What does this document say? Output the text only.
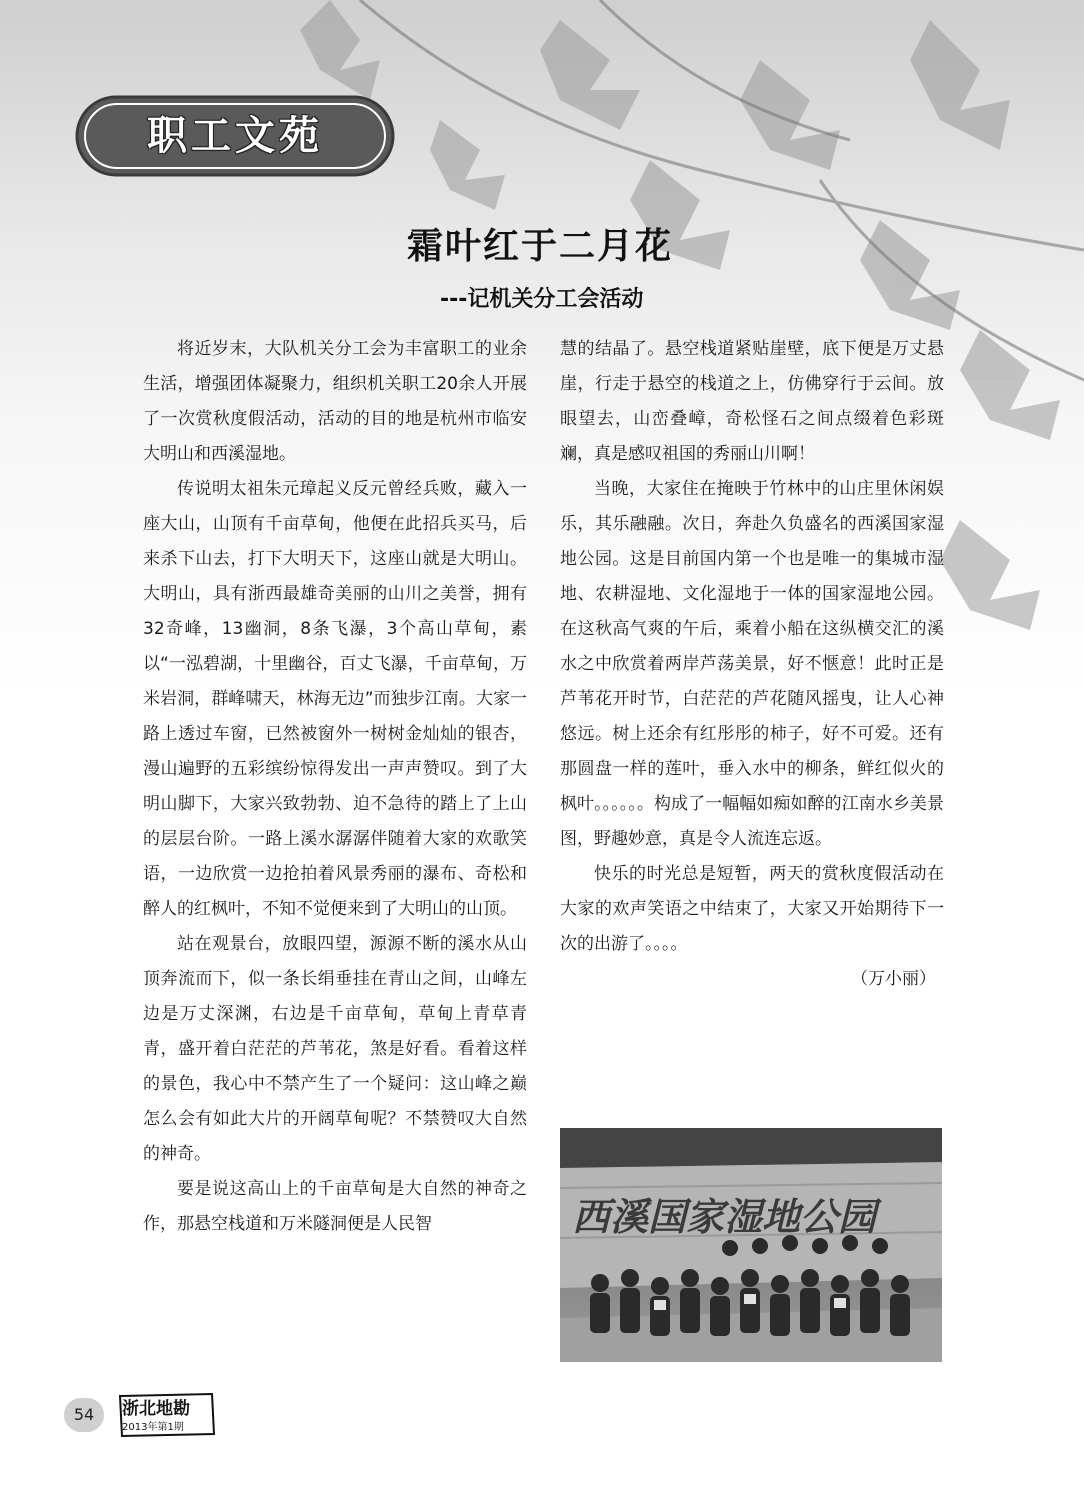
职工文苑
霜叶红于二月花
---记机关分工会活动

将近岁末，大队机关分工会为丰富职工的业余生活，增强团体凝聚力，组织机关职工20余人开展了一次赏秋度假活动，活动的目的地是杭州市临安大明山和西溪湿地。

传说明太祖朱元璋起义反元曾经兵败，藏入一座大山，山顶有千亩草甸，他便在此招兵买马，后来杀下山去，打下大明天下，这座山就是大明山。大明山，具有浙西最雄奇美丽的山川之美誉，拥有32奇峰，13幽洞，8条飞瀑，3个高山草甸，素以“一泓碧湖，十里幽谷，百丈飞瀑，千亩草甸，万米岩洞，群峰啸天，林海无边”而独步江南。大家一路上透过车窗，已然被窗外一树树金灿灿的银杏，漫山遍野的五彩缤纷惊得发出一声声赞叹。到了大明山脚下，大家兴致勃勃、迫不急待的踏上了上山的层层台阶。一路上溪水潺潺伴随着大家的欢歌笑语，一边欣赏一边抢拍着风景秀丽的瀑布、奇松和醉人的红枫叶，不知不觉便来到了大明山的山顶。

站在观景台，放眼四望，源源不断的溪水从山顶奔流而下，似一条长绢垂挂在青山之间，山峰左边是万丈深渊，右边是千亩草甸，草甸上青草青青，盛开着白茫茫的芦苇花，煞是好看。看着这样的景色，我心中不禁产生了一个疑问：这山峰之巅怎么会有如此大片的开阔草甸呢？不禁赞叹大自然的神奇。

要是说这高山上的千亩草甸是大自然的神奇之作，那悬空栈道和万米隧洞便是人民智

慧的结晶了。悬空栈道紧贴崖壁，底下便是万丈悬崖，行走于悬空的栈道之上，仿佛穿行于云间。放眼望去，山峦叠嶂，奇松怪石之间点缀着色彩斑斓，真是感叹祖国的秀丽山川啊！

当晚，大家住在掩映于竹林中的山庄里休闲娱乐，其乐融融。次日，奔赴久负盛名的西溪国家湿地公园。这是目前国内第一个也是唯一的集城市湿地、农耕湿地、文化湿地于一体的国家湿地公园。在这秋高气爽的午后，乘着小船在这纵横交汇的溪水之中欣赏着两岸芦荡美景，好不惬意！此时正是芦苇花开时节，白茫茫的芦花随风摇曳，让人心神悠远。树上还余有红彤彤的柿子，好不可爱。还有那圆盘一样的莲叶，垂入水中的柳条，鲜红似火的枫叶。。。。。。构成了一幅幅如痴如醉的江南水乡美景图，野趣妙意，真是令人流连忘返。

快乐的时光总是短暂，两天的赏秋度假活动在大家的欢声笑语之中结束了，大家又开始期待下一次的出游了。。。。

（万小丽）

西溪国家湿地公园
54	浙北地勘
2013年第1期
